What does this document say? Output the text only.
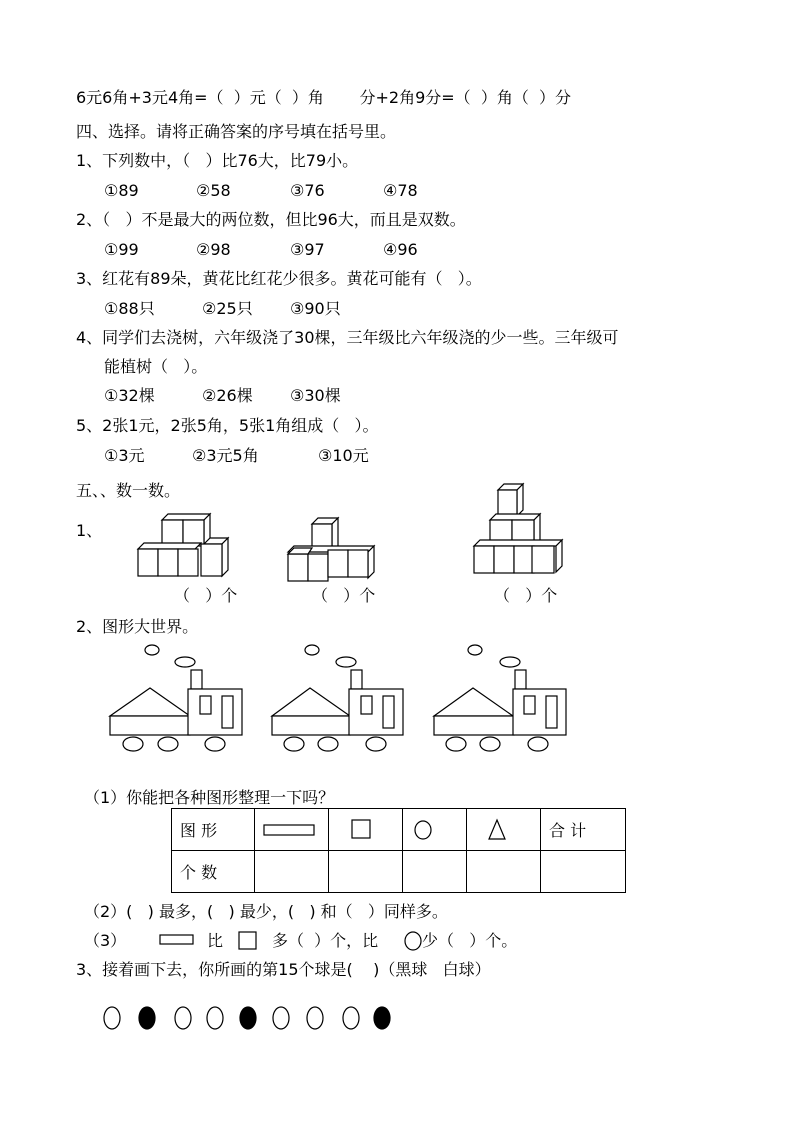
6元6角+3元4角=（  ）元（  ）角       分+2角9分=（  ）角（  ）分
四、选择。请将正确答案的序号填在括号里。
1、下列数中，（   ）比76大，比79小。
①89	②58	③76	④78
2、（   ）不是最大的两位数，但比96大，而且是双数。
①99	②98	③97	④96
3、红花有89朵，黄花比红花少很多。黄花可能有（   ）。
①88只	②25只 ③90只
4、同学们去浇树，六年级浇了30棵，三年级比六年级浇的少一些。三年级可
能植树（   ）。
①32棵	②26棵 ③30棵
5、2张1元，2张5角，5张1角组成（   ）。
①3元	②3元5角	③10元
五、、数一数。
1、
（   ）个	（   ）个	（   ）个
2、图形大世界。
（1）你能把各种图形整理一下吗？
图 形					合 计
个 数					
（2）(   ) 最多，(   ) 最少，(   ) 和（   ）同样多。
（3）	比	多（  ）个，比	少（   ）个。
3、接着画下去，你所画的第15个球是(    )（黑球   白球）
